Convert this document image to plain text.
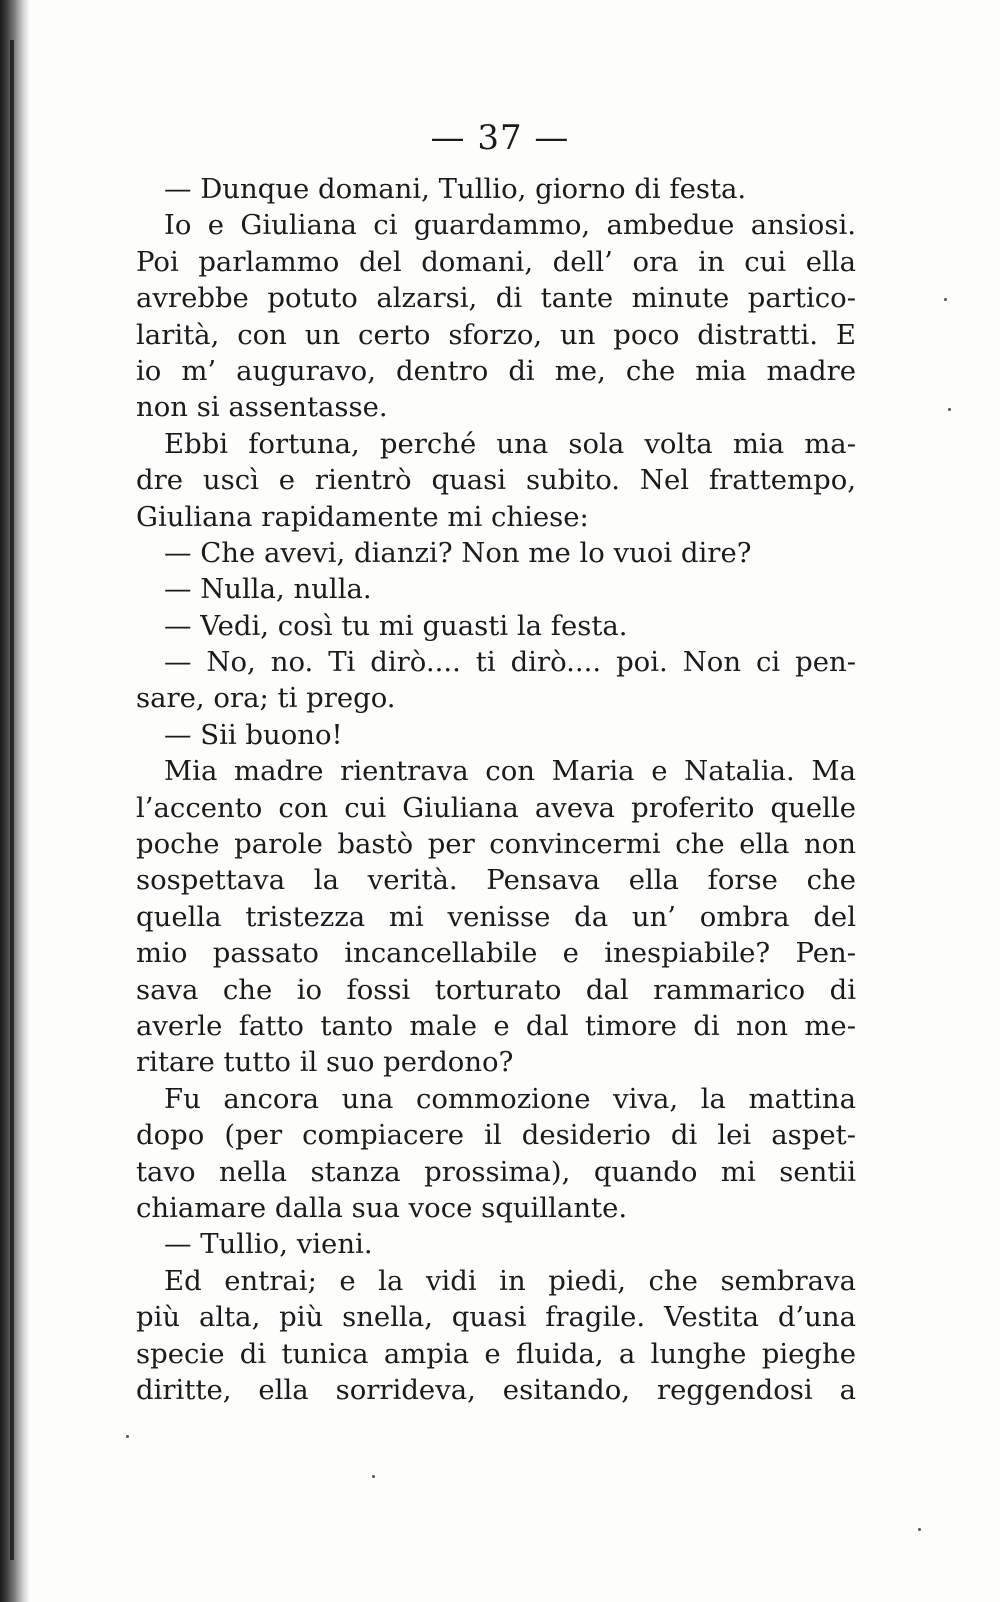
— 37 —
— Dunque domani, Tullio, giorno di festa.
Io e Giuliana ci guardammo, ambedue ansiosi.
Poi parlammo del domani, dell’ ora in cui ella
avrebbe potuto alzarsi, di tante minute partico-
larità, con un certo sforzo, un poco distratti. E
io m’ auguravo, dentro di me, che mia madre
non si assentasse.
Ebbi fortuna, perché una sola volta mia ma-
dre uscì e rientrò quasi subito. Nel frattempo,
Giuliana rapidamente mi chiese:
— Che avevi, dianzi? Non me lo vuoi dire?
— Nulla, nulla.
— Vedi, così tu mi guasti la festa.
— No, no. Ti dirò.... ti dirò.... poi. Non ci pen-
sare, ora; ti prego.
— Sii buono!
Mia madre rientrava con Maria e Natalia. Ma
l’accento con cui Giuliana aveva proferito quelle
poche parole bastò per convincermi che ella non
sospettava la verità. Pensava ella forse che
quella tristezza mi venisse da un’ ombra del
mio passato incancellabile e inespiabile? Pen-
sava che io fossi torturato dal rammarico di
averle fatto tanto male e dal timore di non me-
ritare tutto il suo perdono?
Fu ancora una commozione viva, la mattina
dopo (per compiacere il desiderio di lei aspet-
tavo nella stanza prossima), quando mi sentii
chiamare dalla sua voce squillante.
— Tullio, vieni.
Ed entrai; e la vidi in piedi, che sembrava
più alta, più snella, quasi fragile. Vestita d’una
specie di tunica ampia e fluida, a lunghe pieghe
diritte, ella sorrideva, esitando, reggendosi a
